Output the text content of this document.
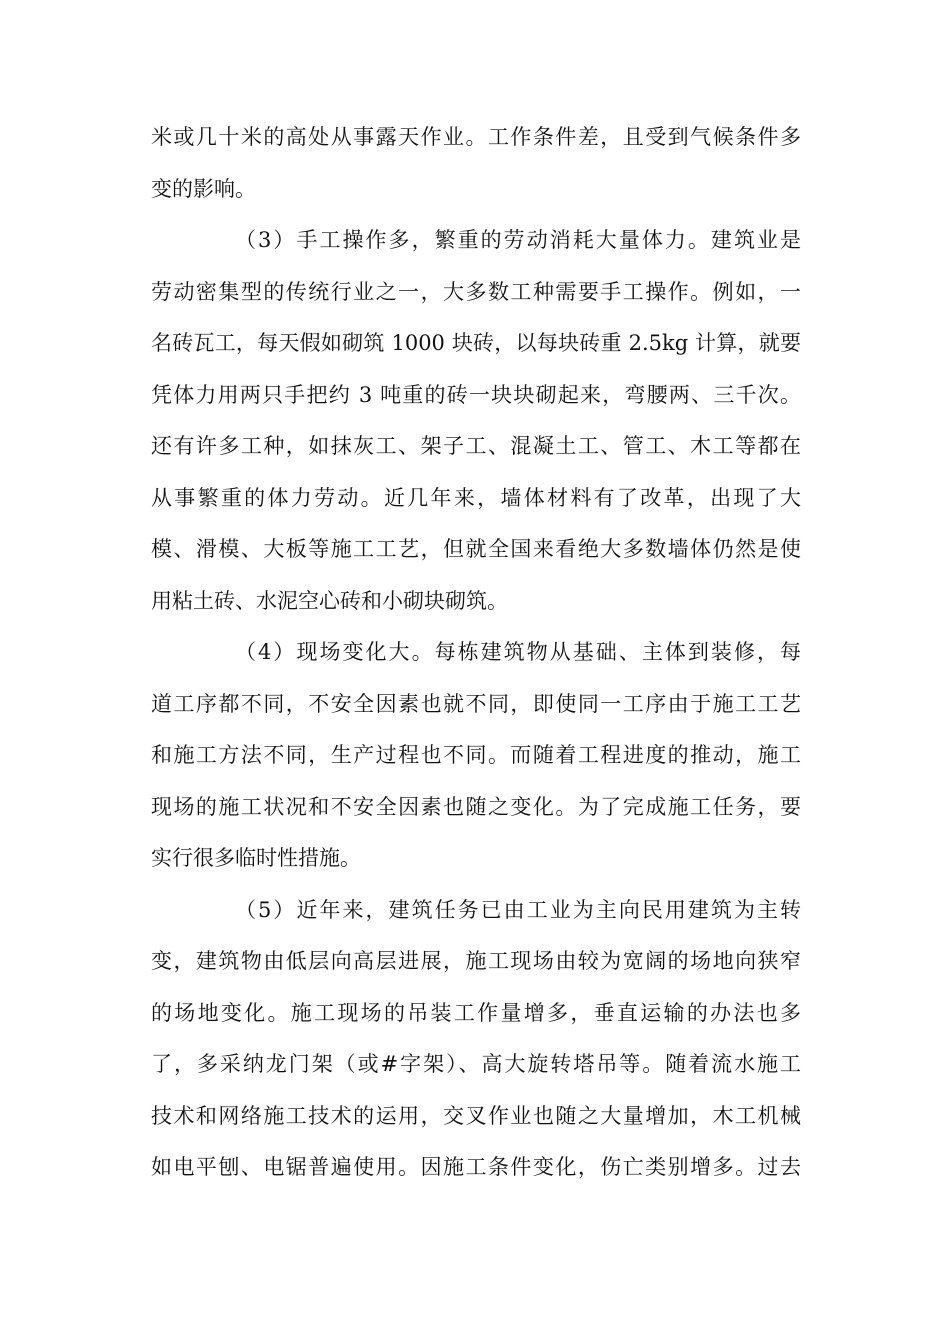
米或几十米的高处从事露天作业。工作条件差，且受到气候条件多
变的影响。
（3）手工操作多，繁重的劳动消耗大量体力。建筑业是
劳动密集型的传统行业之一，大多数工种需要手工操作。例如，一
名砖瓦工，每天假如砌筑 1000 块砖，以每块砖重 2.5kg 计算，就要
凭体力用两只手把约 3 吨重的砖一块块砌起来，弯腰两、三千次。
还有许多工种，如抹灰工、架子工、混凝土工、管工、木工等都在
从事繁重的体力劳动。近几年来，墙体材料有了改革，出现了大
模、滑模、大板等施工工艺，但就全国来看绝大多数墙体仍然是使
用粘土砖、水泥空心砖和小砌块砌筑。
（4）现场变化大。每栋建筑物从基础、主体到装修，每
道工序都不同，不安全因素也就不同，即使同一工序由于施工工艺
和施工方法不同，生产过程也不同。而随着工程进度的推动，施工
现场的施工状况和不安全因素也随之变化。为了完成施工任务，要
实行很多临时性措施。
（5）近年来，建筑任务已由工业为主向民用建筑为主转
变，建筑物由低层向高层进展，施工现场由较为宽阔的场地向狭窄
的场地变化。施工现场的吊装工作量增多，垂直运输的办法也多
了，多采纳龙门架（或#字架）、高大旋转塔吊等。随着流水施工
技术和网络施工技术的运用，交叉作业也随之大量增加，木工机械
如电平刨、电锯普遍使用。因施工条件变化，伤亡类别增多。过去
